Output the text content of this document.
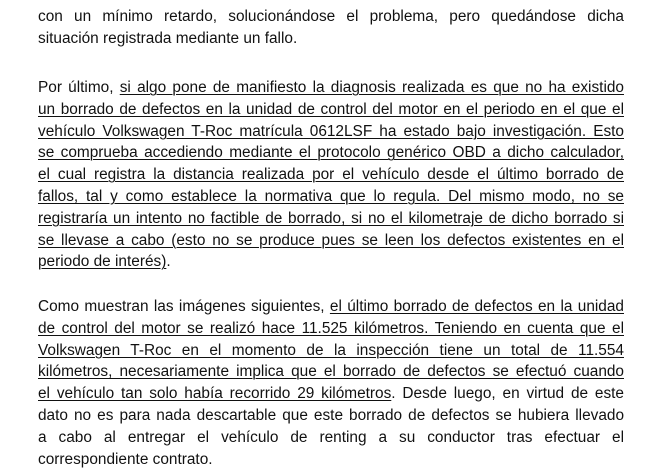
con un mínimo retardo, solucionándose el problema, pero quedándose dicha
situación registrada mediante un fallo.
Por último, si algo pone de manifiesto la diagnosis realizada es que no ha existido
un borrado de defectos en la unidad de control del motor en el periodo en el que el
vehículo Volkswagen T-Roc matrícula 0612LSF ha estado bajo investigación. Esto
se comprueba accediendo mediante el protocolo genérico OBD a dicho calculador,
el cual registra la distancia realizada por el vehículo desde el último borrado de
fallos, tal y como establece la normativa que lo regula. Del mismo modo, no se
registraría un intento no factible de borrado, si no el kilometraje de dicho borrado si
se llevase a cabo (esto no se produce pues se leen los defectos existentes en el
periodo de interés).
Como muestran las imágenes siguientes, el último borrado de defectos en la unidad
de control del motor se realizó hace 11.525 kilómetros. Teniendo en cuenta que el
Volkswagen T-Roc en el momento de la inspección tiene un total de 11.554
kilómetros, necesariamente implica que el borrado de defectos se efectuó cuando
el vehículo tan solo había recorrido 29 kilómetros. Desde luego, en virtud de este
dato no es para nada descartable que este borrado de defectos se hubiera llevado
a cabo al entregar el vehículo de renting a su conductor tras efectuar el
correspondiente contrato.
